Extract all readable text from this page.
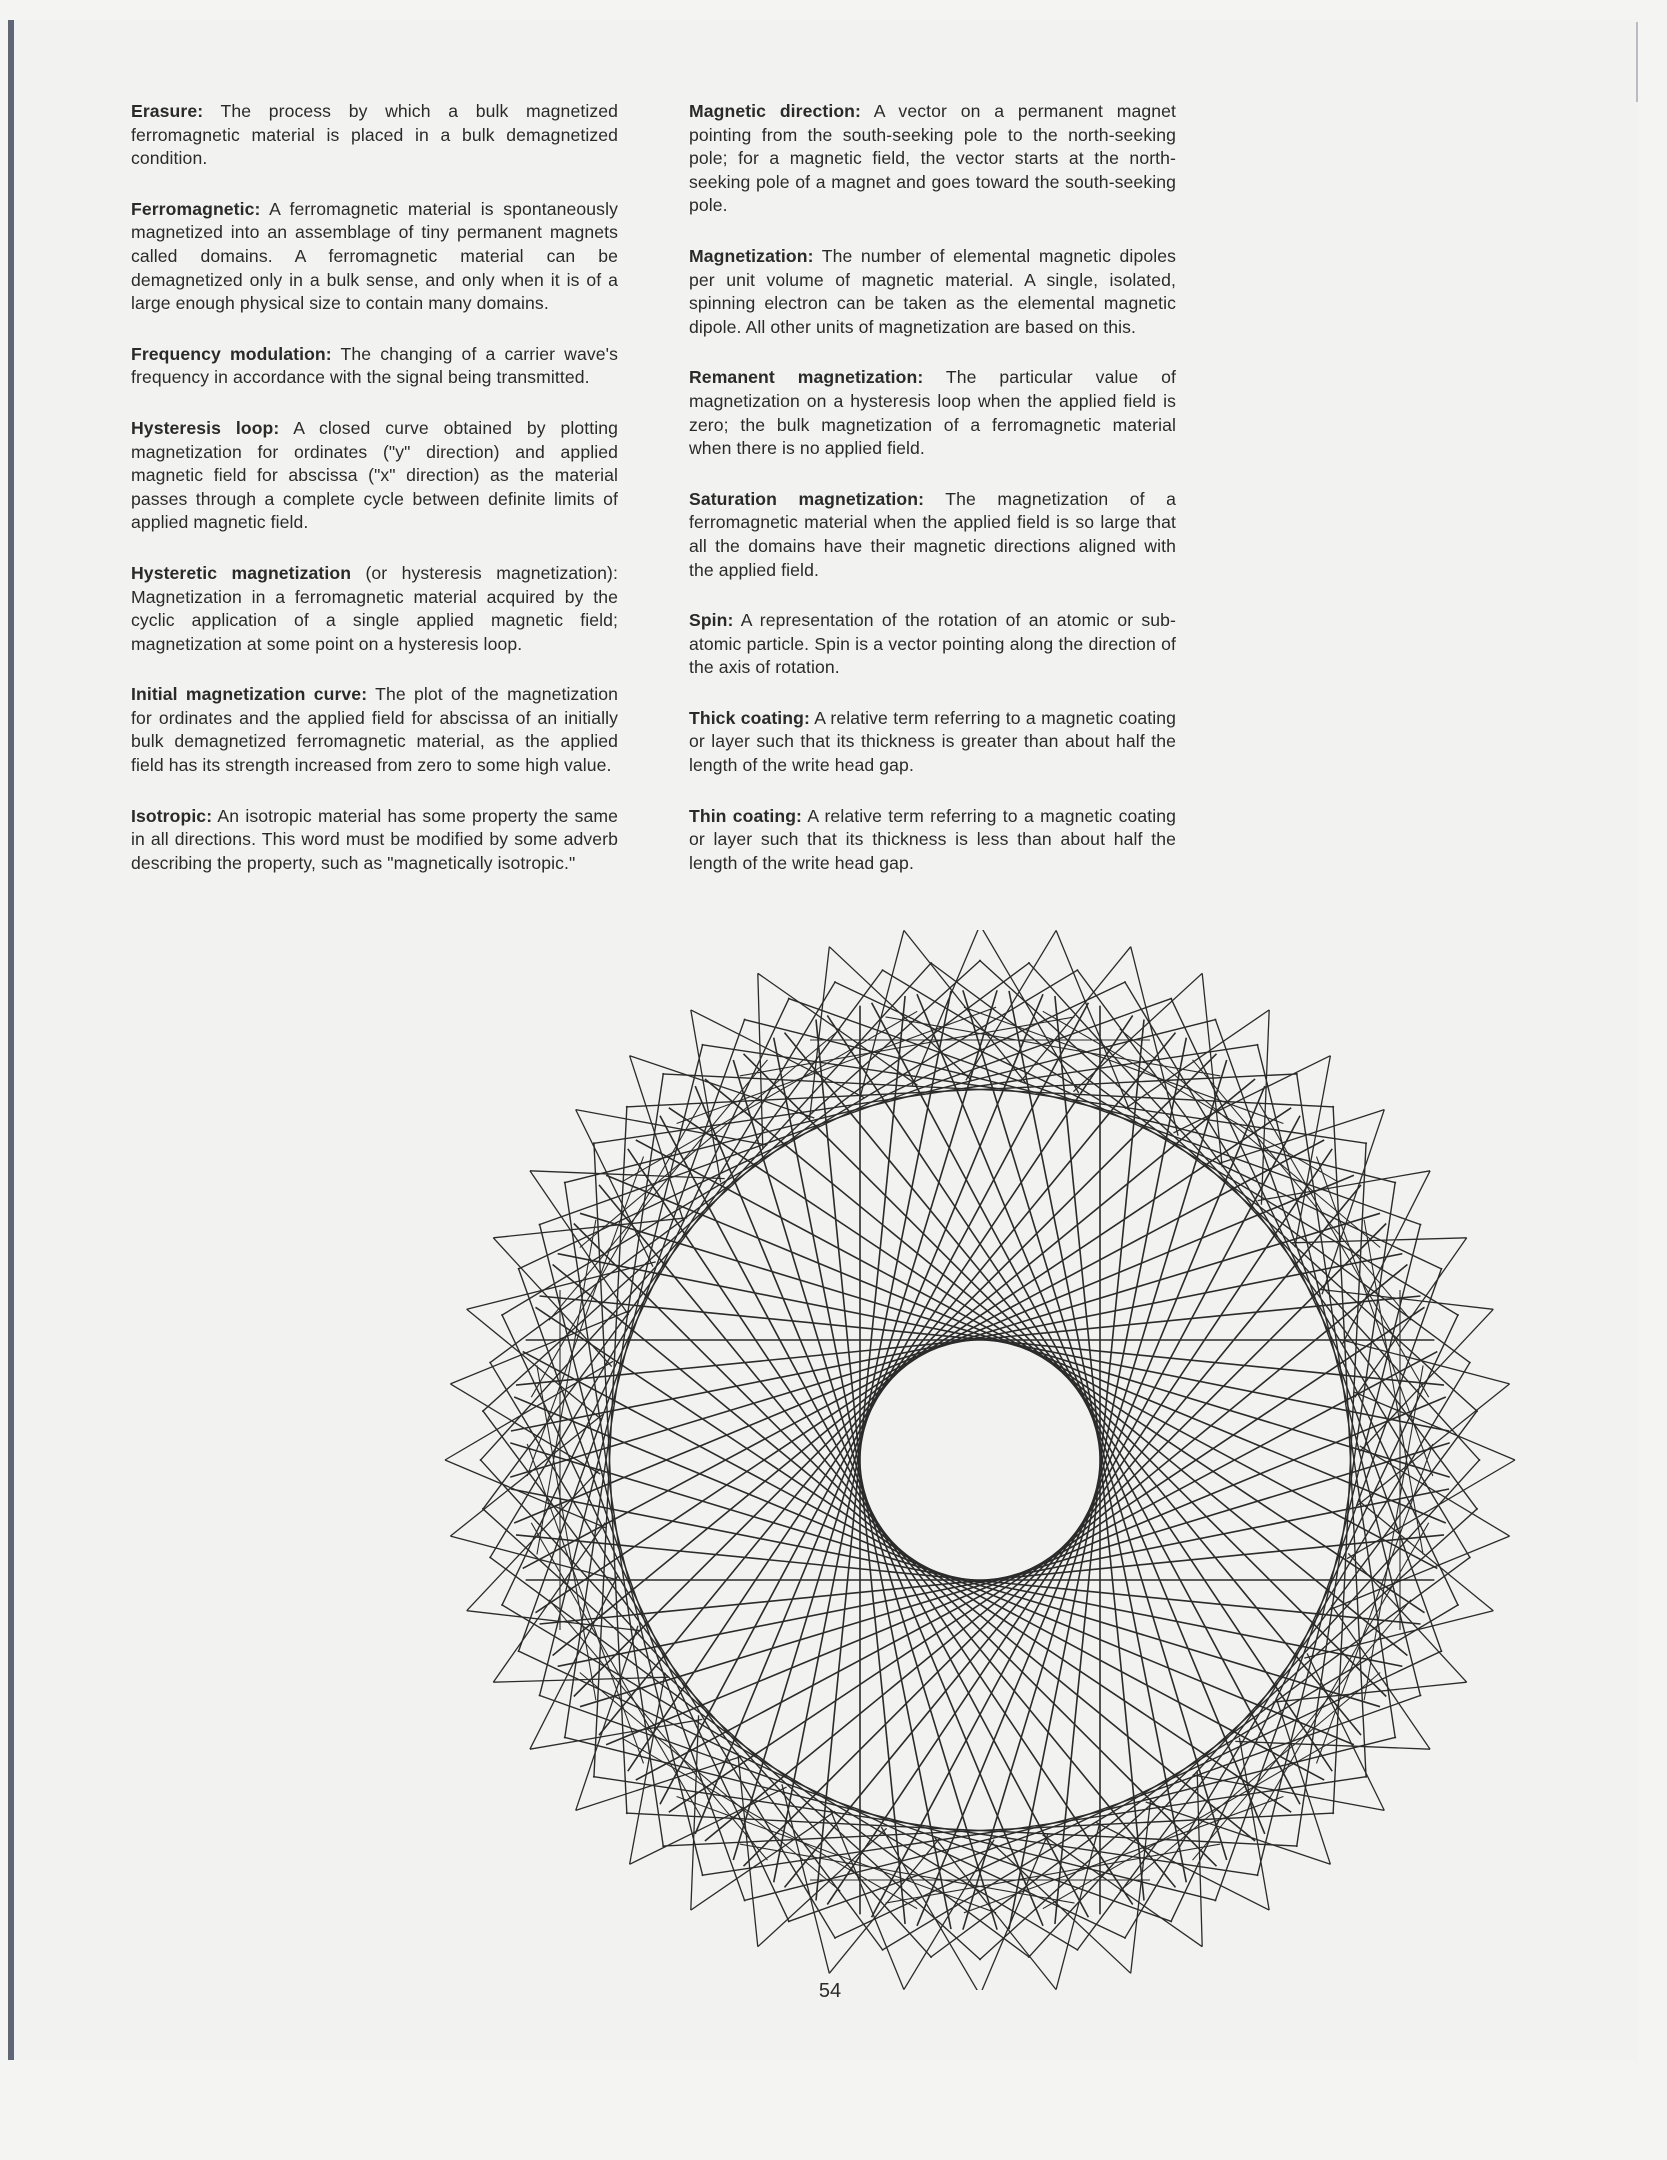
Erasure: The process by which a bulk magnetized ferromagnetic material is placed in a bulk demagnetized condition.

Ferromagnetic: A ferromagnetic material is spontaneously magnetized into an assemblage of tiny permanent magnets called domains. A ferromagnetic material can be demagnetized only in a bulk sense, and only when it is of a large enough physical size to contain many domains.

Frequency modulation: The changing of a carrier wave's frequency in accordance with the signal being transmitted.

Hysteresis loop: A closed curve obtained by plotting magnetization for ordinates ("y" direction) and applied magnetic field for abscissa ("x" direction) as the material passes through a complete cycle between definite limits of applied magnetic field.

Hysteretic magnetization (or hysteresis magnetization): Magnetization in a ferromagnetic material acquired by the cyclic application of a single applied magnetic field; magnetization at some point on a hysteresis loop.

Initial magnetization curve: The plot of the magnetization for ordinates and the applied field for abscissa of an initially bulk demagnetized ferromagnetic material, as the applied field has its strength increased from zero to some high value.

Isotropic: An isotropic material has some property the same in all directions. This word must be modified by some adverb describing the property, such as "magnetically isotropic."

Magnetic direction: A vector on a permanent magnet pointing from the south-seeking pole to the north-seeking pole; for a magnetic field, the vector starts at the north-seeking pole of a magnet and goes toward the south-seeking pole.

Magnetization: The number of elemental magnetic dipoles per unit volume of magnetic material. A single, isolated, spinning electron can be taken as the elemental magnetic dipole. All other units of magnetization are based on this.

Remanent magnetization: The particular value of magnetization on a hysteresis loop when the applied field is zero; the bulk magnetization of a ferromagnetic material when there is no applied field.

Saturation magnetization: The magnetization of a ferromagnetic material when the applied field is so large that all the domains have their magnetic directions aligned with the applied field.

Spin: A representation of the rotation of an atomic or sub-atomic particle. Spin is a vector pointing along the direction of the axis of rotation.

Thick coating: A relative term referring to a magnetic coating or layer such that its thickness is greater than about half the length of the write head gap.

Thin coating: A relative term referring to a magnetic coating or layer such that its thickness is less than about half the length of the write head gap.

54
